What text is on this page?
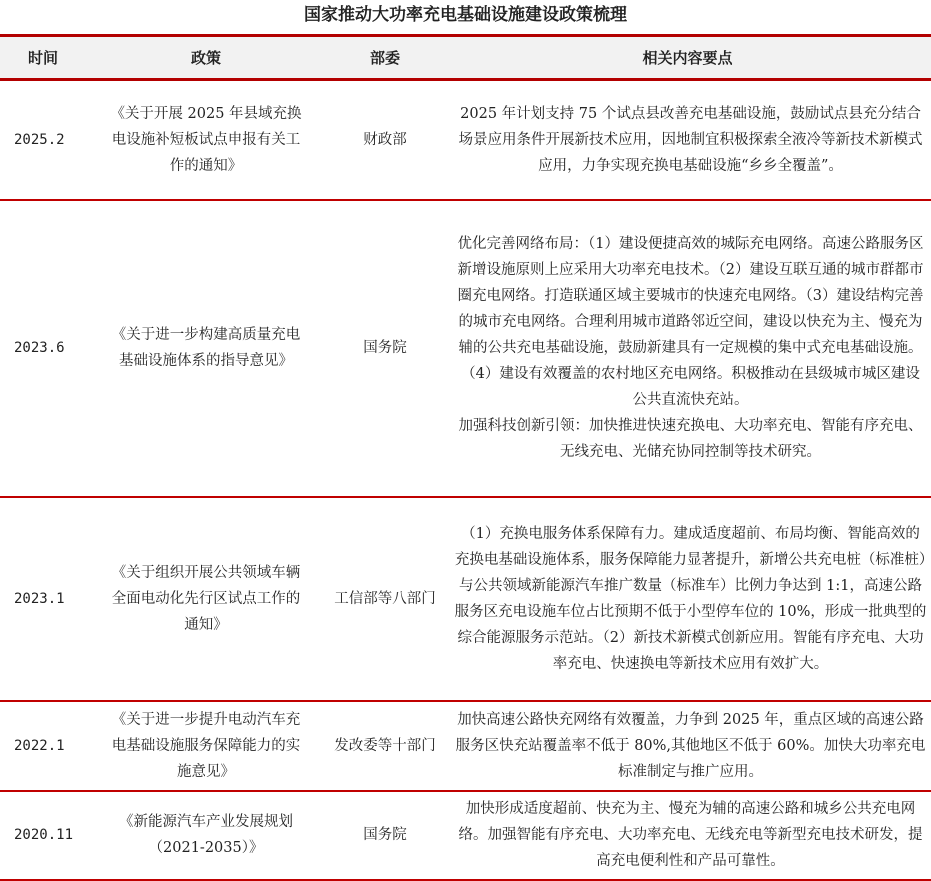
国家推动大功率充电基础设施建设政策梳理
时间	政策	部委	相关内容要点
2025.2	《关于开展 2025 年县域充换电设施补短板试点申报有关工作的通知》	财政部	2025 年计划支持 75 个试点县改善充电基础设施，鼓励试点县充分结合场景应用条件开展新技术应用，因地制宜积极探索全液冷等新技术新模式应用，力争实现充换电基础设施“乡乡全覆盖”。

2023.6	《关于进一步构建高质量充电基础设施体系的指导意见》	国务院	优化完善网络布局：（1）建设便捷高效的城际充电网络。高速公路服务区新增设施原则上应采用大功率充电技术。（2）建设互联互通的城市群都市圈充电网络。打造联通区域主要城市的快速充电网络。（3）建设结构完善的城市充电网络。合理利用城市道路邻近空间，建设以快充为主、慢充为辅的公共充电基础设施，鼓励新建具有一定规模的集中式充电基础设施。（4）建设有效覆盖的农村地区充电网络。积极推动在县级城市城区建设公共直流快充站。
加强科技创新引领：加快推进快速充换电、大功率充电、智能有序充电、无线充电、光储充协同控制等技术研究。

2023.1	《关于组织开展公共领域车辆全面电动化先行区试点工作的通知》	工信部等八部门	（1）充换电服务体系保障有力。建成适度超前、布局均衡、智能高效的充换电基础设施体系，服务保障能力显著提升，新增公共充电桩（标准桩）与公共领域新能源汽车推广数量（标准车）比例力争达到 1:1，高速公路服务区充电设施车位占比预期不低于小型停车位的 10%，形成一批典型的综合能源服务示范站。（2）新技术新模式创新应用。智能有序充电、大功率充电、快速换电等新技术应用有效扩大。

2022.1	《关于进一步提升电动汽车充电基础设施服务保障能力的实施意见》	发改委等十部门	加快高速公路快充网络有效覆盖，力争到 2025 年，重点区域的高速公路服务区快充站覆盖率不低于 80%,其他地区不低于 60%。加快大功率充电标准制定与推广应用。

2020.11	《新能源汽车产业发展规划（2021-2035）》	国务院	加快形成适度超前、快充为主、慢充为辅的高速公路和城乡公共充电网络。加强智能有序充电、大功率充电、无线充电等新型充电技术研发，提高充电便利性和产品可靠性。
